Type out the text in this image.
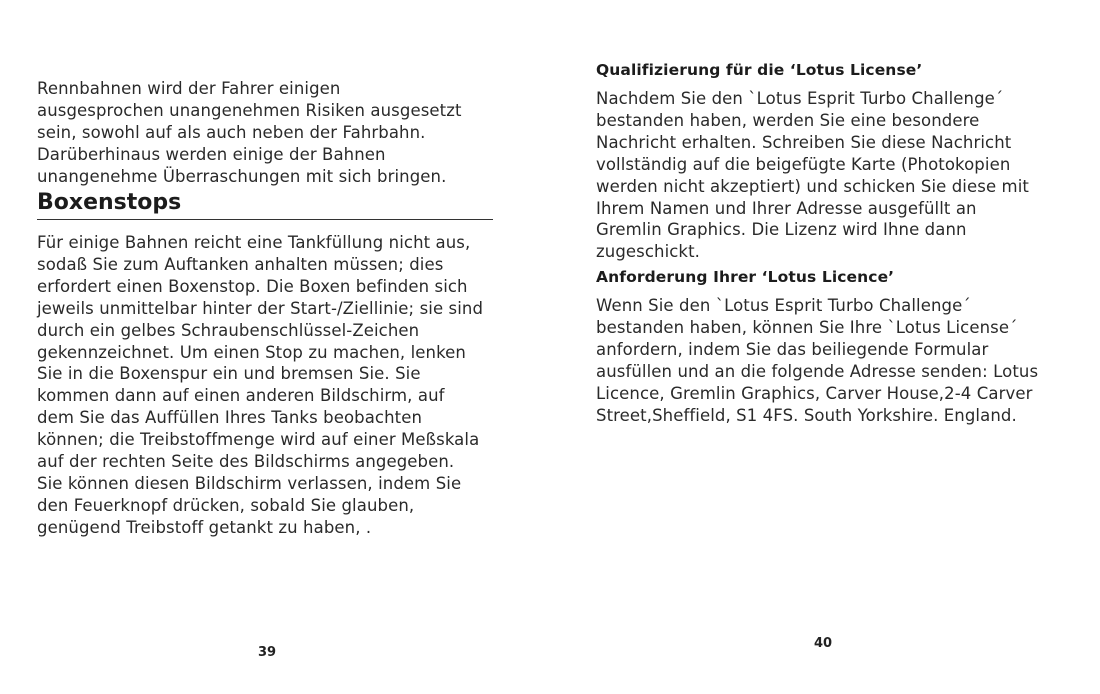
Rennbahnen wird der Fahrer einigen
ausgesprochen unangenehmen Risiken ausgesetzt
sein, sowohl auf als auch neben der Fahrbahn.
Darüberhinaus werden einige der Bahnen
unangenehme Überraschungen mit sich bringen.

Boxenstops

Für einige Bahnen reicht eine Tankfüllung nicht aus,
sodaß Sie zum Auftanken anhalten müssen; dies
erfordert einen Boxenstop. Die Boxen befinden sich
jeweils unmittelbar hinter der Start-/Ziellinie; sie sind
durch ein gelbes Schraubenschlüssel-Zeichen
gekennzeichnet. Um einen Stop zu machen, lenken
Sie in die Boxenspur ein und bremsen Sie. Sie
kommen dann auf einen anderen Bildschirm, auf
dem Sie das Auffüllen Ihres Tanks beobachten
können; die Treibstoffmenge wird auf einer Meßskala
auf der rechten Seite des Bildschirms angegeben.
Sie können diesen Bildschirm verlassen, indem Sie
den Feuerknopf drücken, sobald Sie glauben,
genügend Treibstoff getankt zu haben, .

39

Qualifizierung für die ‘Lotus License’

Nachdem Sie den `Lotus Esprit Turbo Challenge´
bestanden haben, werden Sie eine besondere
Nachricht erhalten. Schreiben Sie diese Nachricht
vollständig auf die beigefügte Karte (Photokopien
werden nicht akzeptiert) und schicken Sie diese mit
Ihrem Namen und Ihrer Adresse ausgefüllt an
Gremlin Graphics. Die Lizenz wird Ihne dann
zugeschickt.

Anforderung Ihrer ‘Lotus Licence’

Wenn Sie den `Lotus Esprit Turbo Challenge´
bestanden haben, können Sie Ihre `Lotus License´
anfordern, indem Sie das beiliegende Formular
ausfüllen und an die folgende Adresse senden: Lotus
Licence, Gremlin Graphics, Carver House,2-4 Carver
Street,Sheffield, S1 4FS. South Yorkshire. England.

40
